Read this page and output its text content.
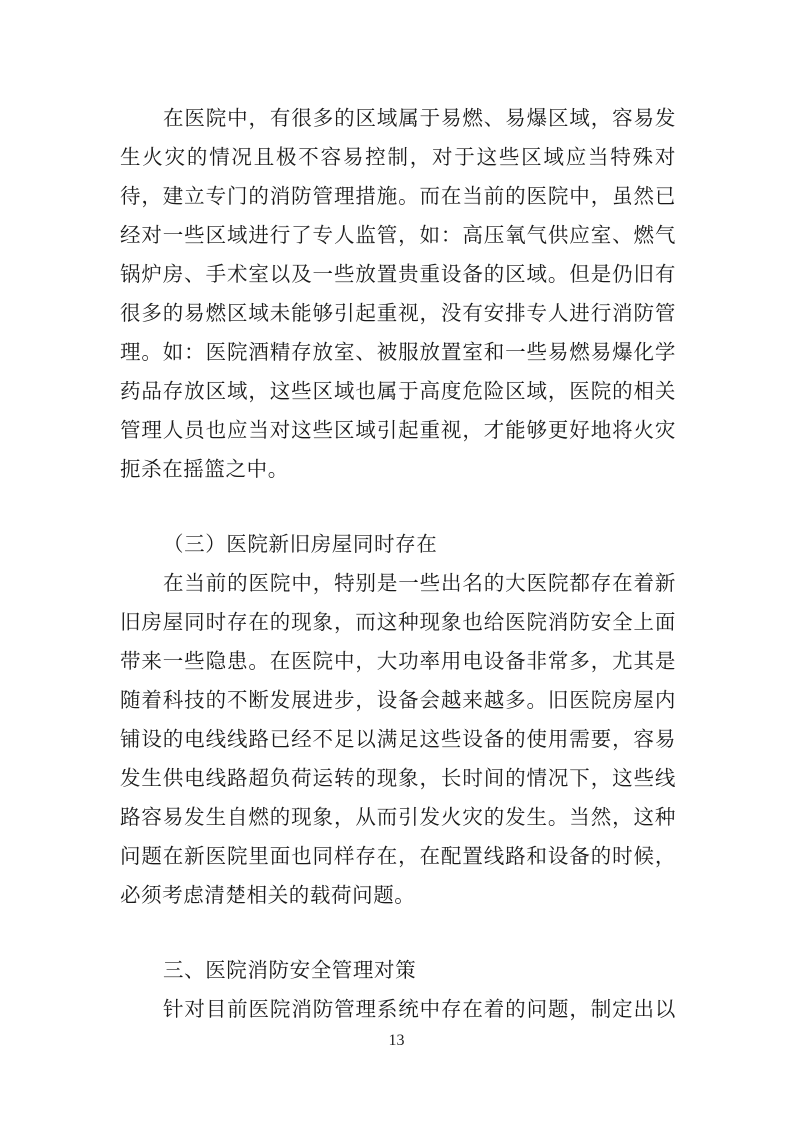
在医院中，有很多的区域属于易燃、易爆区域，容易发
生火灾的情况且极不容易控制，对于这些区域应当特殊对
待，建立专门的消防管理措施。而在当前的医院中，虽然已
经对一些区域进行了专人监管，如：高压氧气供应室、燃气
锅炉房、手术室以及一些放置贵重设备的区域。但是仍旧有
很多的易燃区域未能够引起重视，没有安排专人进行消防管
理。如：医院酒精存放室、被服放置室和一些易燃易爆化学
药品存放区域，这些区域也属于高度危险区域，医院的相关
管理人员也应当对这些区域引起重视，才能够更好地将火灾
扼杀在摇篮之中。
（三）医院新旧房屋同时存在
在当前的医院中，特别是一些出名的大医院都存在着新
旧房屋同时存在的现象，而这种现象也给医院消防安全上面
带来一些隐患。在医院中，大功率用电设备非常多，尤其是
随着科技的不断发展进步，设备会越来越多。旧医院房屋内
铺设的电线线路已经不足以满足这些设备的使用需要，容易
发生供电线路超负荷运转的现象，长时间的情况下，这些线
路容易发生自燃的现象，从而引发火灾的发生。当然，这种
问题在新医院里面也同样存在，在配置线路和设备的时候，
必须考虑清楚相关的载荷问题。
三、医院消防安全管理对策
针对目前医院消防管理系统中存在着的问题，制定出以
13
